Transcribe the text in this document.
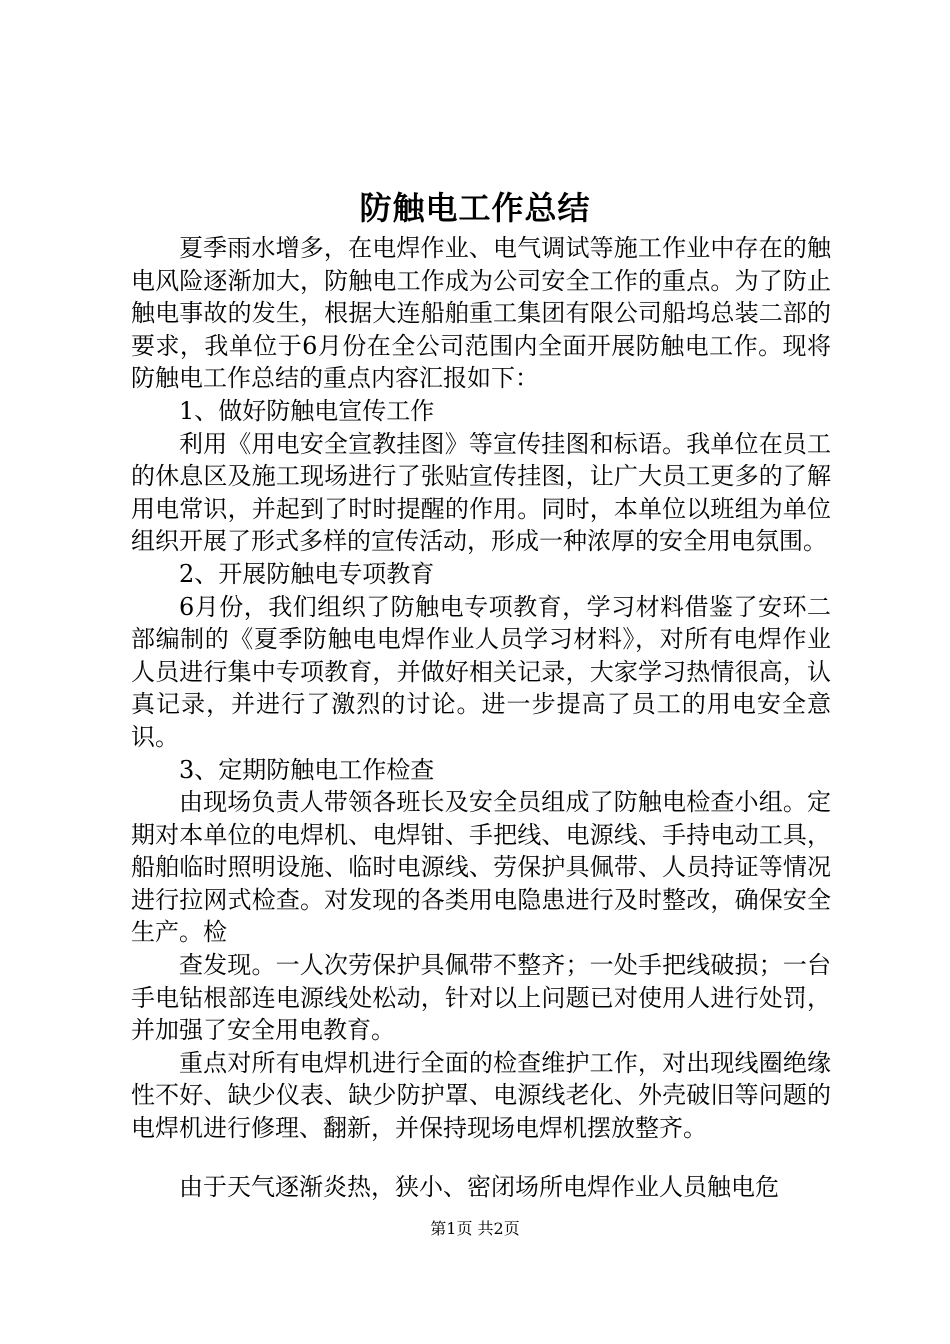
防触电工作总结

夏季雨水增多，在电焊作业、电气调试等施工作业中存在的触电风险逐渐加大，防触电工作成为公司安全工作的重点。为了防止触电事故的发生，根据大连船舶重工集团有限公司船坞总装二部的要求，我单位于6月份在全公司范围内全面开展防触电工作。现将防触电工作总结的重点内容汇报如下：

1、做好防触电宣传工作

利用《用电安全宣教挂图》等宣传挂图和标语。我单位在员工的休息区及施工现场进行了张贴宣传挂图，让广大员工更多的了解用电常识，并起到了时时提醒的作用。同时，本单位以班组为单位组织开展了形式多样的宣传活动，形成一种浓厚的安全用电氛围。

2、开展防触电专项教育

6月份，我们组织了防触电专项教育，学习材料借鉴了安环二部编制的《夏季防触电电焊作业人员学习材料》，对所有电焊作业人员进行集中专项教育，并做好相关记录，大家学习热情很高，认真记录，并进行了激烈的讨论。进一步提高了员工的用电安全意识。

3、定期防触电工作检查

由现场负责人带领各班长及安全员组成了防触电检查小组。定期对本单位的电焊机、电焊钳、手把线、电源线、手持电动工具，船舶临时照明设施、临时电源线、劳保护具佩带、人员持证等情况进行拉网式检查。对发现的各类用电隐患进行及时整改，确保安全生产。检

查发现。一人次劳保护具佩带不整齐；一处手把线破损；一台手电钻根部连电源线处松动，针对以上问题已对使用人进行处罚，并加强了安全用电教育。

重点对所有电焊机进行全面的检查维护工作，对出现线圈绝缘性不好、缺少仪表、缺少防护罩、电源线老化、外壳破旧等问题的电焊机进行修理、翻新，并保持现场电焊机摆放整齐。

由于天气逐渐炎热，狭小、密闭场所电焊作业人员触电危

第1页 共2页
